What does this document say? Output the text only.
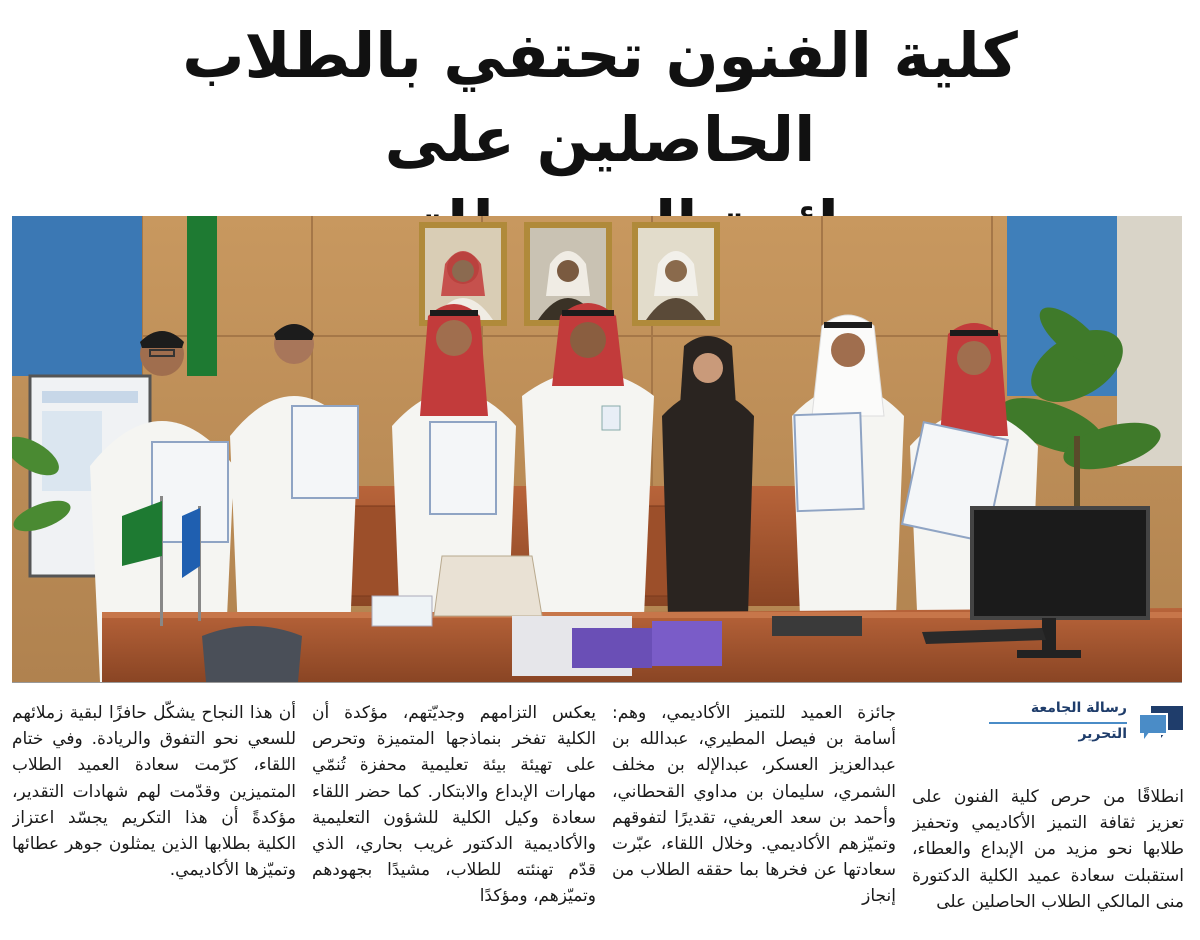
كلية الفنون تحتفي بالطلاب الحاصلين على
رسالة الجامعة
التحرير

انطلاقًا من حرص كلية الفنون على تعزيز ثقافة التميز الأكاديمي وتحفيز طلابها نحو مزيد من الإبداع والعطاء، استقبلت سعادة عميد الكلية الدكتورة منى المالكي الطلاب الحاصلين على

جائزة العميد للتميز الأكاديمي، وهم: أسامة بن فيصل المطيري، عبدالله بن عبدالعزيز العسكر، عبدالإله بن مخلف الشمري، سليمان بن مداوي القحطاني، وأحمد بن سعد العريفي، تقديرًا لتفوقهم وتميّزهم الأكاديمي. وخلال اللقاء، عبّرت سعادتها عن فخرها بما حققه الطلاب من إنجاز

يعكس التزامهم وجديّتهم، مؤكدة أن الكلية تفخر بنماذجها المتميزة وتحرص على تهيئة بيئة تعليمية محفزة تُنمّي مهارات الإبداع والابتكار. كما حضر اللقاء سعادة وكيل الكلية للشؤون التعليمية والأكاديمية الدكتور غريب بحاري، الذي قدّم تهنئته للطلاب، مشيدًا بجهودهم وتميّزهم، ومؤكدًا

أن هذا النجاح يشكّل حافزًا لبقية زملائهم للسعي نحو التفوق والريادة. وفي ختام اللقاء، كرّمت سعادة العميد الطلاب المتميزين وقدّمت لهم شهادات التقدير، مؤكدةً أن هذا التكريم يجسّد اعتزاز الكلية بطلابها الذين يمثلون جوهر عطائها وتميّزها الأكاديمي.
